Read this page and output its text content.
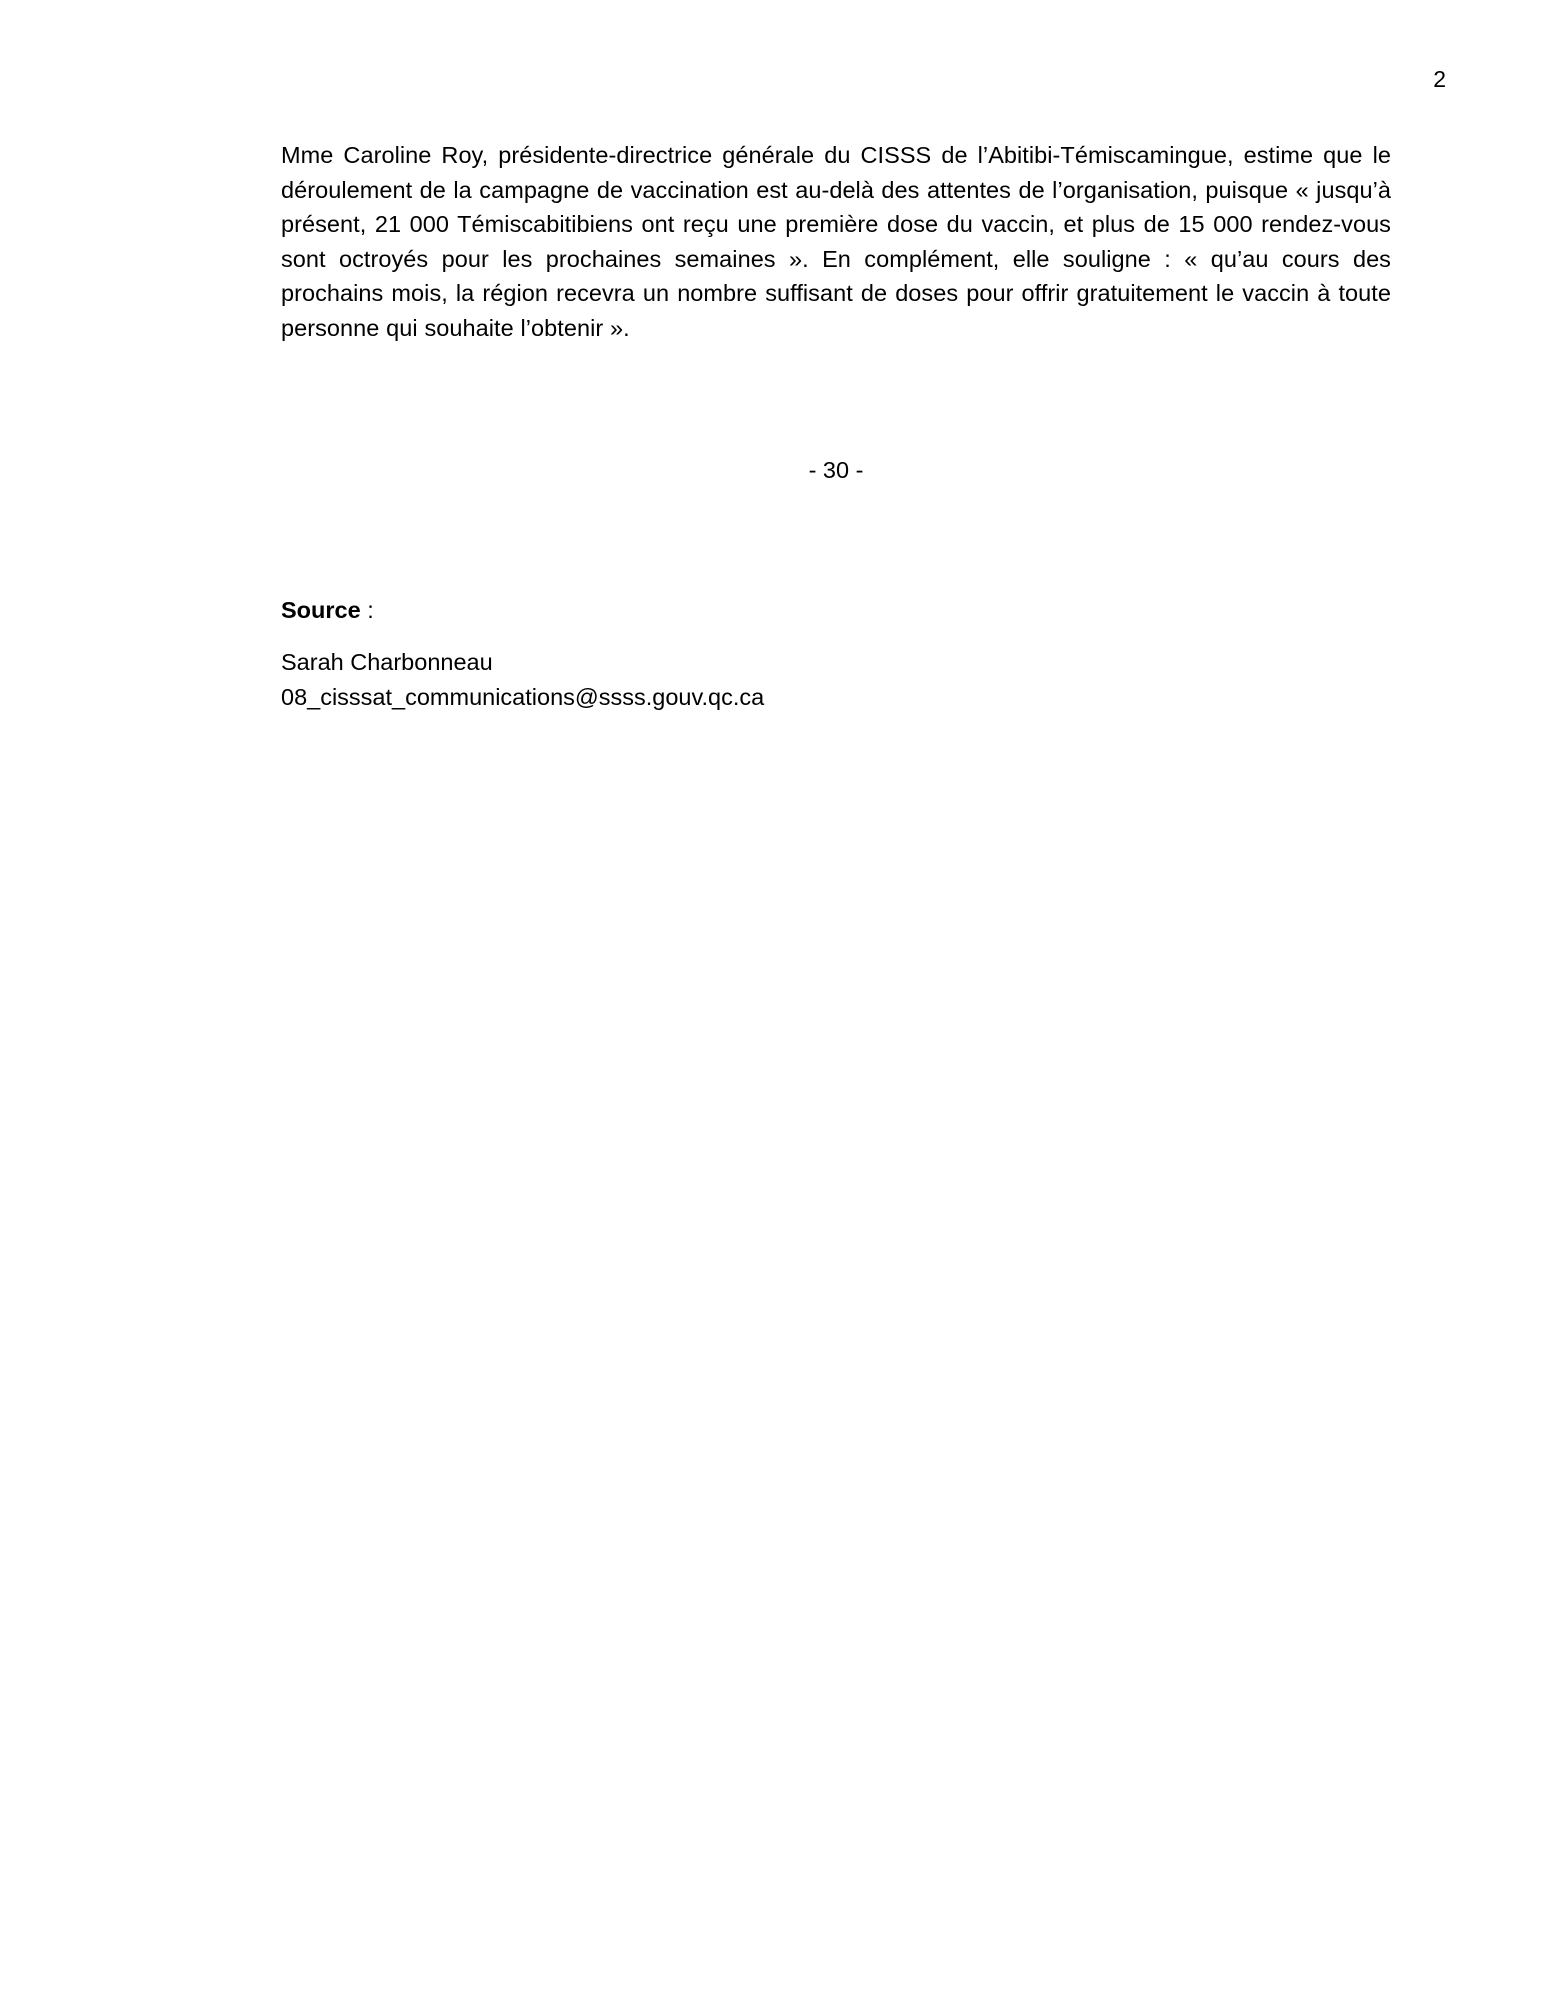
2

Mme Caroline Roy, présidente-directrice générale du CISSS de l’Abitibi-Témiscamingue, estime que le déroulement de la campagne de vaccination est au-delà des attentes de l’organisation, puisque « jusqu’à présent, 21 000 Témiscabitibiens ont reçu une première dose du vaccin, et plus de 15 000 rendez-vous sont octroyés pour les prochaines semaines ». En complément, elle souligne : « qu’au cours des prochains mois, la région recevra un nombre suffisant de doses pour offrir gratuitement le vaccin à toute personne qui souhaite l’obtenir ».

- 30 -

Source :

Sarah Charbonneau

08_cisssat_communications@ssss.gouv.qc.ca
